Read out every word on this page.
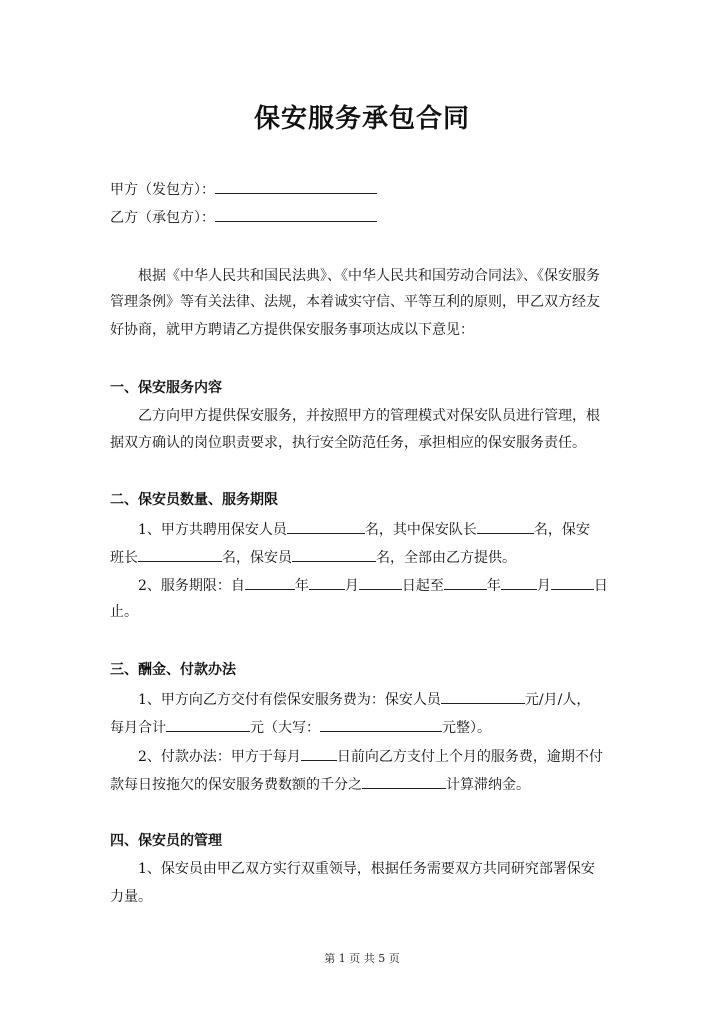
保安服务承包合同
甲方（发包方）：
乙方（承包方）：
根据《中华人民共和国民法典》、《中华人民共和国劳动合同法》、《保安服务
管理条例》等有关法律、法规，本着诚实守信、平等互利的原则，甲乙双方经友
好协商，就甲方聘请乙方提供保安服务事项达成以下意见：
一、保安服务内容
乙方向甲方提供保安服务，并按照甲方的管理模式对保安队员进行管理，根
据双方确认的岗位职责要求，执行安全防范任务，承担相应的保安服务责任。
二、保安员数量、服务期限
1、甲方共聘用保安人员	名，其中保安队长	名，保安
班长	名，保安员	名，全部由乙方提供。
2、服务期限：自	年	月	日起至	年	月	日
止。
三、酬金、付款办法
1、甲方向乙方交付有偿保安服务费为：保安人员	元/月/人，
每月合计	元（大写：	元整）。
2、付款办法：甲方于每月	日前向乙方支付上个月的服务费，逾期不付
款每日按拖欠的保安服务费数额的千分之	计算滞纳金。
四、保安员的管理
1、保安员由甲乙双方实行双重领导，根据任务需要双方共同研究部署保安
力量。
第 1 页 共 5 页
